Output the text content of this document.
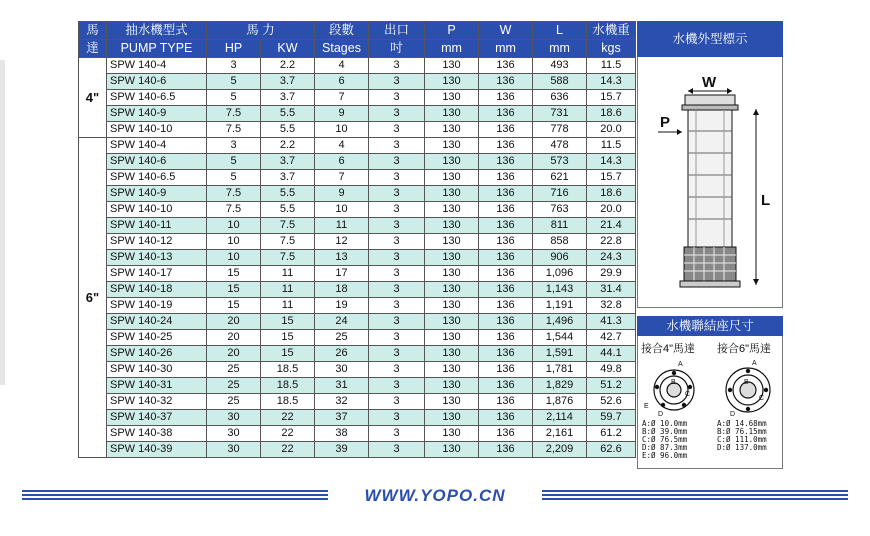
馬	抽水機型式	馬 力		段數	出口	P	W	L	水機重
達	PUMP TYPE	HP	KW	Stages	吋	mm	mm	mm	kgs
4"	SPW 140-4	3	2.2	4	3	130	136	493	11.5
	SPW 140-6	5	3.7	6	3	130	136	588	14.3
	SPW 140-6.5	5	3.7	7	3	130	136	636	15.7
	SPW 140-9	7.5	5.5	9	3	130	136	731	18.6
	SPW 140-10	7.5	5.5	10	3	130	136	778	20.0
6"	SPW 140-4	3	2.2	4	3	130	136	478	11.5
	SPW 140-6	5	3.7	6	3	130	136	573	14.3
	SPW 140-6.5	5	3.7	7	3	130	136	621	15.7
	SPW 140-9	7.5	5.5	9	3	130	136	716	18.6
	SPW 140-10	7.5	5.5	10	3	130	136	763	20.0
	SPW 140-11	10	7.5	11	3	130	136	811	21.4
	SPW 140-12	10	7.5	12	3	130	136	858	22.8
	SPW 140-13	10	7.5	13	3	130	136	906	24.3
	SPW 140-17	15	11	17	3	130	136	1,096	29.9
	SPW 140-18	15	11	18	3	130	136	1,143	31.4
	SPW 140-19	15	11	19	3	130	136	1,191	32.8
	SPW 140-24	20	15	24	3	130	136	1,496	41.3
	SPW 140-25	20	15	25	3	130	136	1,544	42.7
	SPW 140-26	20	15	26	3	130	136	1,591	44.1
	SPW 140-30	25	18.5	30	3	130	136	1,781	49.8
	SPW 140-31	25	18.5	31	3	130	136	1,829	51.2
	SPW 140-32	25	18.5	32	3	130	136	1,876	52.6
	SPW 140-37	30	22	37	3	130	136	2,114	59.7
	SPW 140-38	30	22	38	3	130	136	2,161	61.2
	SPW 140-39	30	22	39	3	130	136	2,209	62.6
水機外型標示
W
P
L
水機聯結座尺寸
接合4"馬達 接合6"馬達
A
B
C
D
E
A
B
C
D
A:Ø 10.0mm
B:Ø 39.0mm
C:Ø 76.5mm
D:Ø 87.3mm
E:Ø 96.0mm
A:Ø 14.68mm
B:Ø 76.15mm
C:Ø 111.0mm
D:Ø 137.0mm
WWW.YOPO.CN
